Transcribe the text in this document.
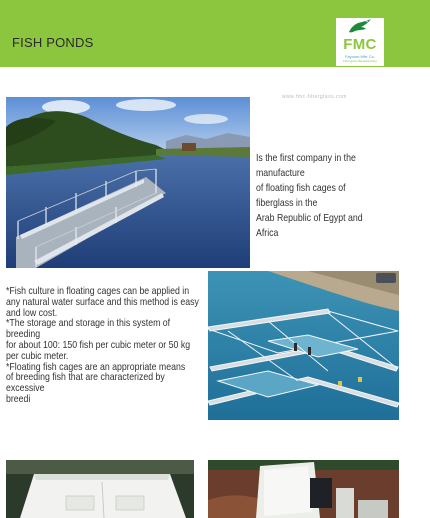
FISH PONDS	FMC
Fayoum Mfrr Co.
Fiberglass Manufacturing
www.fmc-fiberglass.com

Is the first company in the manufacture

of floating fish cages of fiberglass in the

Arab Republic of Egypt and Africa

*Fish culture in floating cages can be applied in

any natural water surface and this method is easy

and low cost.

*The storage and storage in this system of breeding

for about 100: 150 fish per cubic meter or 50 kg

per cubic meter.

*Floating fish cages are an appropriate means

of breeding fish that are characterized by excessive

breedi
